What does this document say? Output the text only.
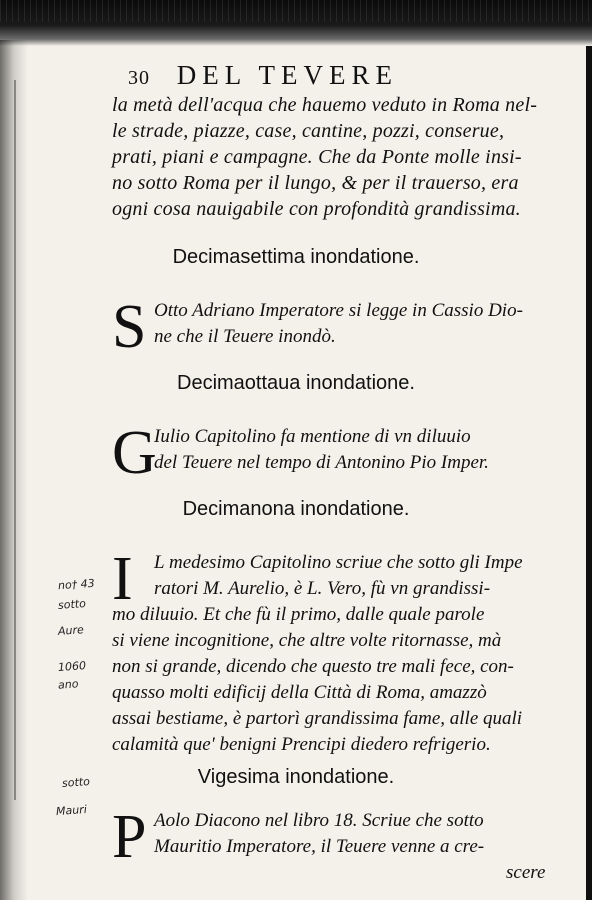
30 DEL TEVERE
la metà dell'acqua che hauemo veduto in Roma nel-
le strade, piazze, case, cantine, pozzi, conserue,
prati, piani e campagne. Che da Ponte molle insi-
no sotto Roma per il lungo, & per il trauerso, era
ogni cosa nauigabile con profondità grandissima.
Decimasettima inondatione.
S Otto Adriano Imperatore si legge in Cassio Dio-
ne che il Teuere inondò.
Decimaottaua inondatione.
G
Iulio Capitolino fa mentione di vn diluuio
del Teuere nel tempo di Antonino Pio Imper.
Decimanona inondatione.
I L medesimo Capitolino scriue che sotto gli Impe
ratori M. Aurelio, è L. Vero, fù vn grandissi-
mo diluuio. Et che fù il primo, dalle quale parole
si viene incognitione, che altre volte ritornasse, mà
non si grande, dicendo che questo tre mali fece, con-
quasso molti edificij della Città di Roma, amazzò
assai bestiame, è partorì grandissima fame, alle quali
calamità que' benigni Prencipi diedero refrigerio.
Vigesima inondatione.
P Aolo Diacono nel libro 18. Scriue che sotto
Mauritio Imperatore, il Teuere venne a cre-
scere
no† 43
sotto
Aure
1060
ano
sotto
Mauri
